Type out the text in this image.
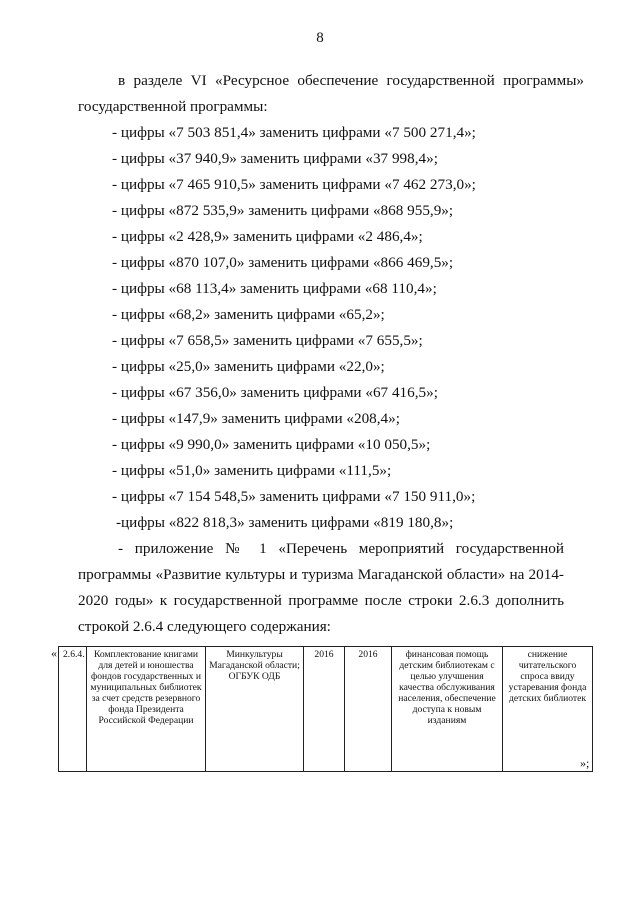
8
в разделе VI «Ресурсное обеспечение государственной программы»
государственной программы:
- цифры «7 503 851,4» заменить цифрами «7 500 271,4»;
- цифры «37 940,9» заменить цифрами «37 998,4»;
- цифры «7 465 910,5» заменить цифрами «7 462 273,0»;
- цифры «872 535,9» заменить цифрами «868 955,9»;
- цифры «2 428,9» заменить цифрами «2 486,4»;
- цифры «870 107,0» заменить цифрами «866 469,5»;
- цифры «68 113,4» заменить цифрами «68 110,4»;
- цифры «68,2» заменить цифрами «65,2»;
- цифры «7 658,5» заменить цифрами «7 655,5»;
- цифры «25,0» заменить цифрами «22,0»;
- цифры «67 356,0» заменить цифрами «67 416,5»;
- цифры «147,9» заменить цифрами «208,4»;
- цифры «9 990,0» заменить цифрами «10 050,5»;
- цифры «51,0» заменить цифрами «111,5»;
- цифры «7 154 548,5» заменить цифрами «7 150 911,0»;
-цифры «822 818,3» заменить цифрами «819 180,8»;
- приложение № 1 «Перечень мероприятий государственной
программы «Развитие культуры и туризма Магаданской области» на 2014-
2020 годы» к государственной программе после строки 2.6.3 дополнить
строкой 2.6.4 следующего содержания:
« 2.6.4.	Комплектование книгами для детей и юношества фондов государственных и муниципальных библиотек за счет средств резервного фонда Президента Российской Федерации	Минкультуры Магаданской области; ОГБУК ОДБ	2016	2016	финансовая помощь детским библиотекам с целью улучшения качества обслуживания населения, обеспечение доступа к новым изданиям	снижение читательского спроса ввиду устаревания фонда детских библиотек
»;
